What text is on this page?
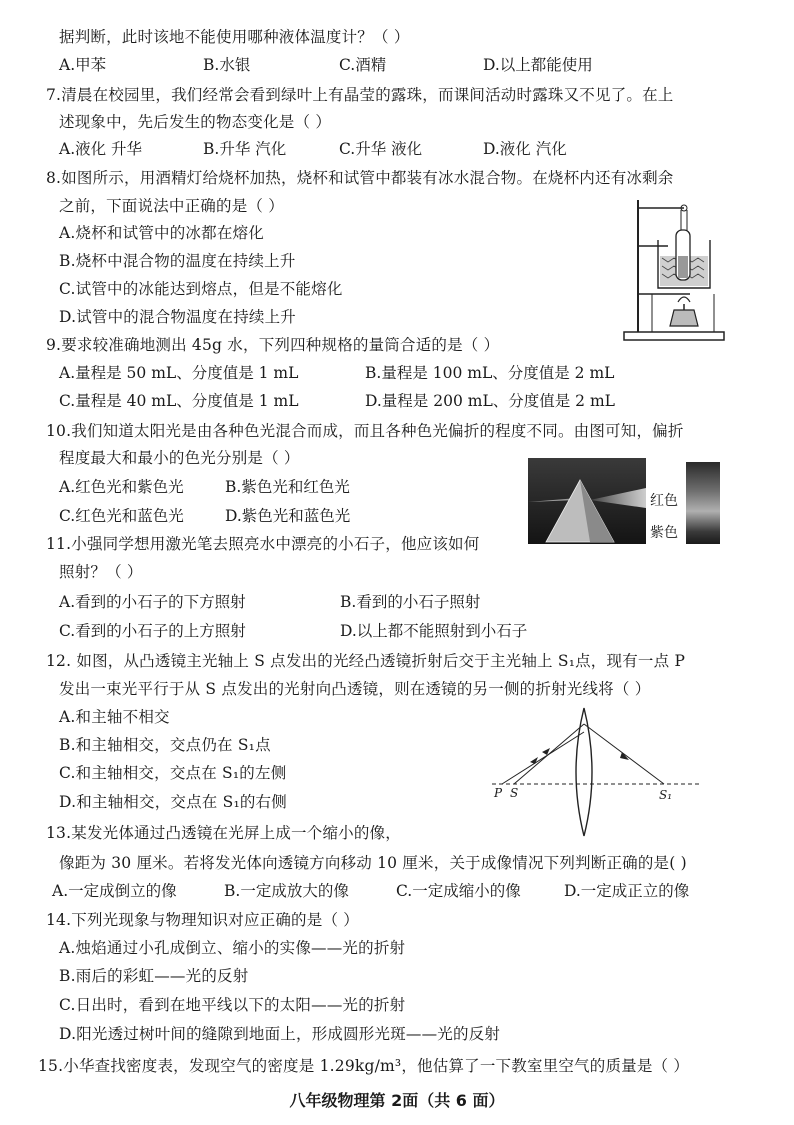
据判断，此时该地不能使用哪种液体温度计？（ ）
A.甲苯	B.水银	C.酒精	D.以上都能使用
7.清晨在校园里，我们经常会看到绿叶上有晶莹的露珠，而课间活动时露珠又不见了。在上
述现象中，先后发生的物态变化是（ ）
A.液化 升华	B.升华 汽化	C.升华 液化	D.液化 汽化
8.如图所示，用酒精灯给烧杯加热，烧杯和试管中都装有冰水混合物。在烧杯内还有冰剩余
之前，下面说法中正确的是（ ）
A.烧杯和试管中的冰都在熔化
B.烧杯中混合物的温度在持续上升
C.试管中的冰能达到熔点，但是不能熔化
D.试管中的混合物温度在持续上升
9.要求较准确地测出 45g 水，下列四种规格的量筒合适的是（ ）
A.量程是 50 mL、分度值是 1 mL	B.量程是 100 mL、分度值是 2 mL
C.量程是 40 mL、分度值是 1 mL	D.量程是 200 mL、分度值是 2 mL
10.我们知道太阳光是由各种色光混合而成，而且各种色光偏折的程度不同。由图可知，偏折
程度最大和最小的色光分别是（ ）
A.红色光和紫色光	B.紫色光和红色光
C.红色光和蓝色光	D.紫色光和蓝色光
红色
紫色
11.小强同学想用激光笔去照亮水中漂亮的小石子，他应该如何
照射？（ ）
A.看到的小石子的下方照射	B.看到的小石子照射
C.看到的小石子的上方照射	D.以上都不能照射到小石子
12. 如图，从凸透镜主光轴上 S 点发出的光经凸透镜折射后交于主光轴上 S₁点，现有一点 P
发出一束光平行于从 S 点发出的光射向凸透镜，则在透镜的另一侧的折射光线将（ ）
A.和主轴不相交
B.和主轴相交，交点仍在 S₁点
C.和主轴相交，交点在 S₁的左侧
D.和主轴相交，交点在 S₁的右侧	P S	S₁
13.某发光体通过凸透镜在光屏上成一个缩小的像，
像距为 30 厘米。若将发光体向透镜方向移动 10 厘米，关于成像情况下列判断正确的是( )
A.一定成倒立的像	B.一定成放大的像	C.一定成缩小的像	D.一定成正立的像
14.下列光现象与物理知识对应正确的是（ ）
A.烛焰通过小孔成倒立、缩小的实像——光的折射
B.雨后的彩虹——光的反射
C.日出时，看到在地平线以下的太阳——光的折射
D.阳光透过树叶间的缝隙到地面上，形成圆形光斑——光的反射
15.小华查找密度表，发现空气的密度是 1.29kg/m³，他估算了一下教室里空气的质量是（ ）
八年级物理第 2面（共 6 面）
